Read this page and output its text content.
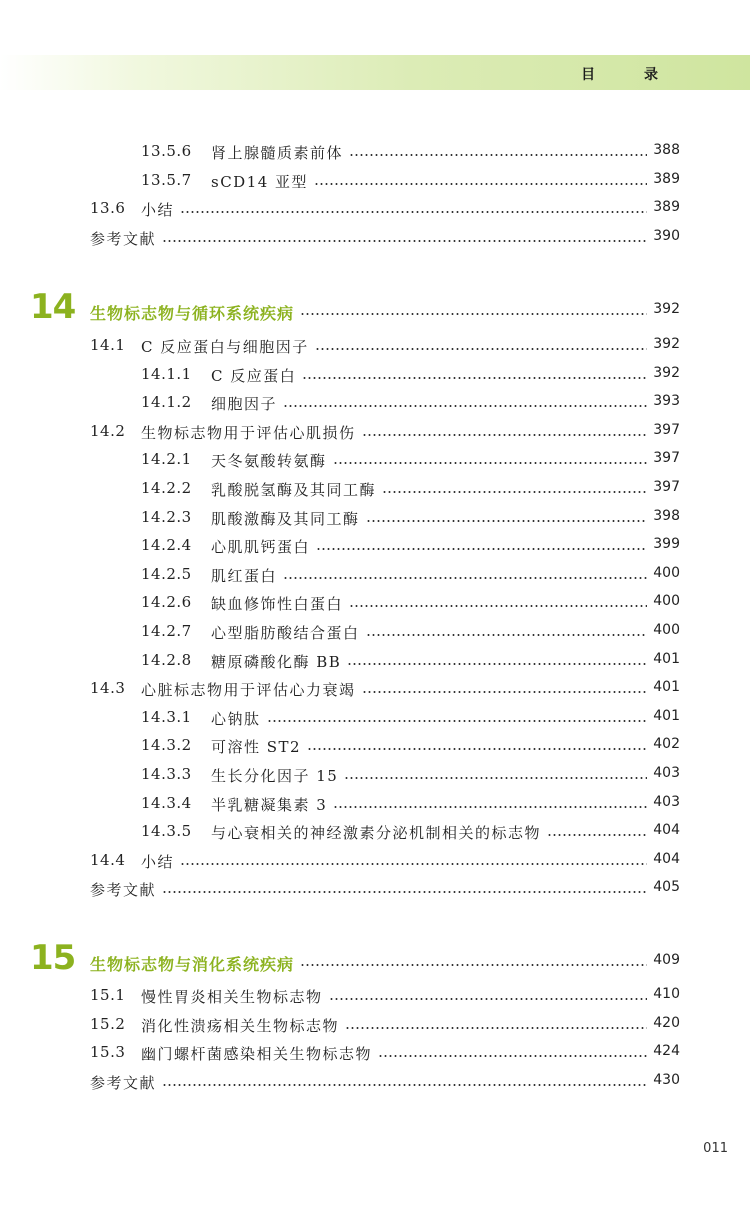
目 录
13.5.6 肾上腺髓质素前体	388
13.5.7 sCD14 亚型	389
13.6 小结	389
参考文献	390
14 生物标志物与循环系统疾病	392
14.1 C 反应蛋白与细胞因子	392
14.1.1 C 反应蛋白	392
14.1.2 细胞因子	393
14.2 生物标志物用于评估心肌损伤	397
14.2.1 天冬氨酸转氨酶	397
14.2.2 乳酸脱氢酶及其同工酶	397
14.2.3 肌酸激酶及其同工酶	398
14.2.4 心肌肌钙蛋白	399
14.2.5 肌红蛋白	400
14.2.6 缺血修饰性白蛋白	400
14.2.7 心型脂肪酸结合蛋白	400
14.2.8 糖原磷酸化酶 BB	401
14.3 心脏标志物用于评估心力衰竭	401
14.3.1 心钠肽	401
14.3.2 可溶性 ST2	402
14.3.3 生长分化因子 15	403
14.3.4 半乳糖凝集素 3	403
14.3.5 与心衰相关的神经激素分泌机制相关的标志物	404
14.4 小结	404
参考文献	405
15 生物标志物与消化系统疾病	409
15.1 慢性胃炎相关生物标志物	410
15.2 消化性溃疡相关生物标志物	420
15.3 幽门螺杆菌感染相关生物标志物	424
参考文献	430
011
